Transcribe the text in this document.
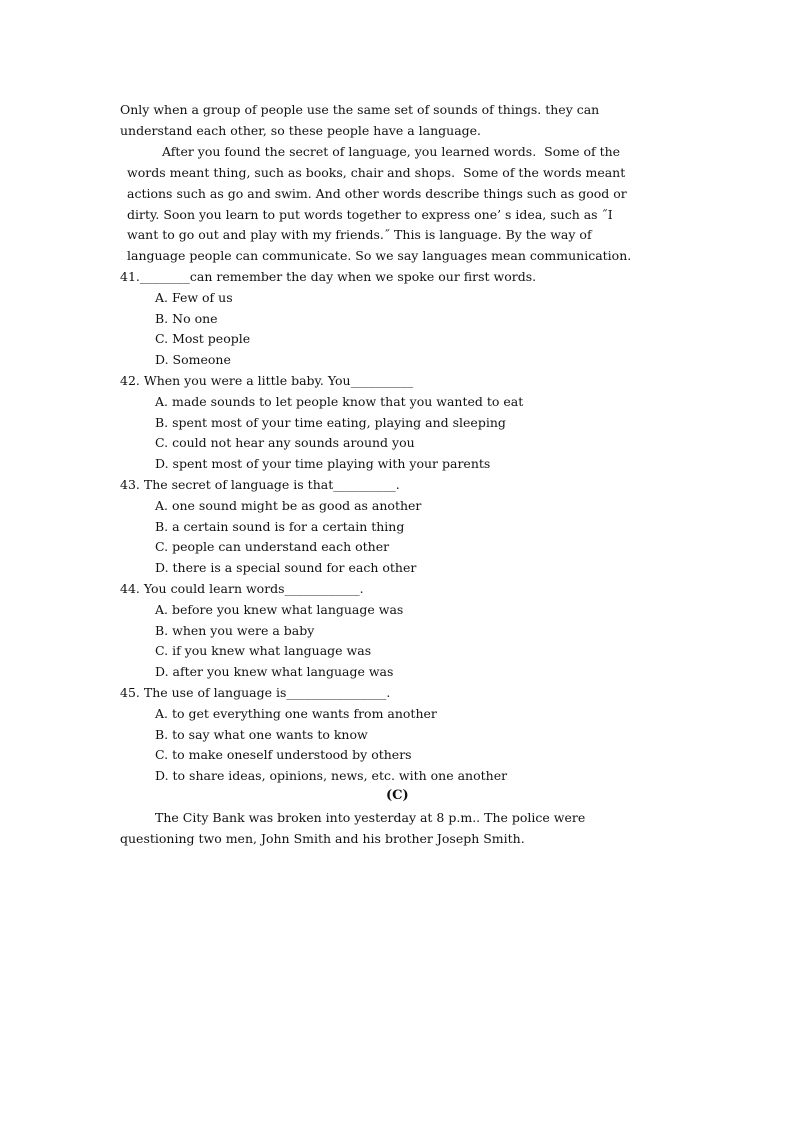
Only when a group of people use the same set of sounds of things. they can
understand each other, so these people have a language.
After you found the secret of language, you learned words.  Some of the
words meant thing, such as books, chair and shops.  Some of the words meant
actions such as go and swim. And other words describe things such as good or
dirty. Soon you learn to put words together to express one’ s idea, such as ˝I
want to go out and play with my friends.˝ This is language. By the way of
language people can communicate. So we say languages mean communication.
41.________can remember the day when we spoke our first words.
A. Few of us
B. No one
C. Most people
D. Someone
42. When you were a little baby. You__________
A. made sounds to let people know that you wanted to eat
B. spent most of your time eating, playing and sleeping
C. could not hear any sounds around you
D. spent most of your time playing with your parents
43. The secret of language is that__________.
A. one sound might be as good as another
B. a certain sound is for a certain thing
C. people can understand each other
D. there is a special sound for each other
44. You could learn words____________.
A. before you knew what language was
B. when you were a baby
C. if you knew what language was
D. after you knew what language was
45. The use of language is________________.
A. to get everything one wants from another
B. to say what one wants to know
C. to make oneself understood by others
D. to share ideas, opinions, news, etc. with one another
(C)
The City Bank was broken into yesterday at 8 p.m.. The police were
questioning two men, John Smith and his brother Joseph Smith.
